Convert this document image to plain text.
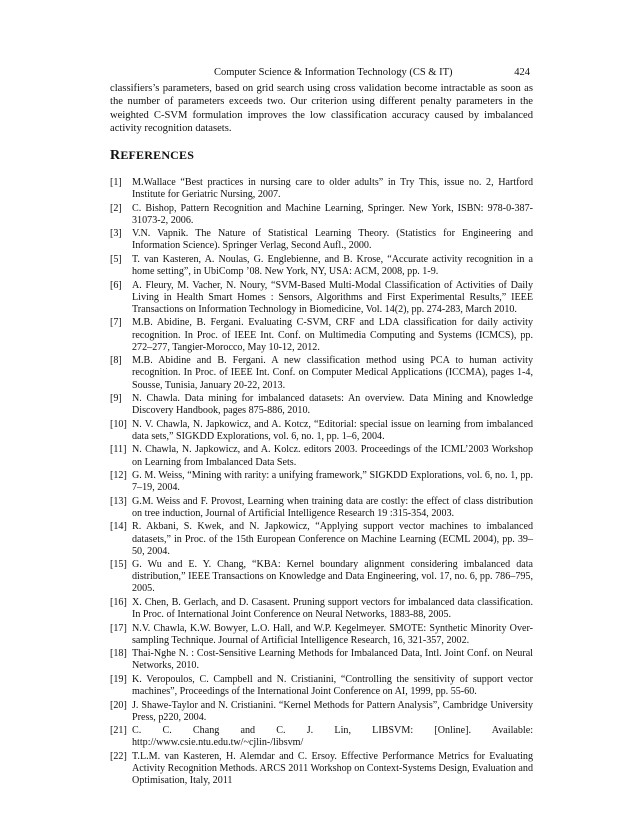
Computer Science & Information Technology (CS & IT)	424

classifiers’s parameters, based on grid search using cross validation become intractable as soon as the number of parameters exceeds two. Our criterion using different penalty parameters in the weighted C-SVM formulation improves the low classification accuracy caused by imbalanced activity recognition datasets.

REFERENCES
[1]	M.Wallace “Best practices in nursing care to older adults” in Try This, issue no. 2, Hartford Institute for Geriatric Nursing, 2007.
[2]	C. Bishop, Pattern Recognition and Machine Learning, Springer. New York, ISBN: 978-0-387-31073-2, 2006.
[3]	V.N. Vapnik. The Nature of Statistical Learning Theory. (Statistics for Engineering and Information Science). Springer Verlag, Second Aufl., 2000.
[5]	T. van Kasteren, A. Noulas, G. Englebienne, and B. Krose, “Accurate activity recognition in a home setting”, in UbiComp ’08. New York, NY, USA: ACM, 2008, pp. 1-9.
[6]	A. Fleury, M. Vacher, N. Noury, “SVM-Based Multi-Modal Classification of Activities of Daily Living in Health Smart Homes : Sensors, Algorithms and First Experimental Results,” IEEE Transactions on Information Technology in Biomedicine, Vol. 14(2), pp. 274-283, March 2010.
[7]	M.B. Abidine, B. Fergani. Evaluating C-SVM, CRF and LDA classification for daily activity recognition. In Proc. of IEEE Int. Conf. on Multimedia Computing and Systems (ICMCS), pp. 272–277, Tangier-Morocco, May 10-12, 2012.
[8]	M.B. Abidine and B. Fergani. A new classification method using PCA to human activity recognition. In Proc. of IEEE Int. Conf. on Computer Medical Applications (ICCMA), pages 1-4, Sousse, Tunisia, January 20-22, 2013.
[9]	N. Chawla. Data mining for imbalanced datasets: An overview. Data Mining and Knowledge Discovery Handbook, pages 875-886, 2010.
[10] N. V. Chawla, N. Japkowicz, and A. Kotcz, “Editorial: special issue on learning from imbalanced data sets,” SIGKDD Explorations, vol. 6, no. 1, pp. 1–6, 2004.
[11] N. Chawla, N. Japkowicz, and A. Kolcz. editors 2003. Proceedings of the ICML’2003 Workshop on Learning from Imbalanced Data Sets.
[12] G. M. Weiss, “Mining with rarity: a unifying framework,” SIGKDD Explorations, vol. 6, no. 1, pp. 7–19, 2004.
[13] G.M. Weiss and F. Provost, Learning when training data are costly: the effect of class distribution on tree induction, Journal of Artificial Intelligence Research 19 :315-354, 2003.
[14] R. Akbani, S. Kwek, and N. Japkowicz, “Applying support vector machines to imbalanced datasets,” in Proc. of the 15th European Conference on Machine Learning (ECML 2004), pp. 39–50, 2004.
[15] G. Wu and E. Y. Chang, “KBA: Kernel boundary alignment considering imbalanced data distribution,” IEEE Transactions on Knowledge and Data Engineering, vol. 17, no. 6, pp. 786–795, 2005.
[16] X. Chen, B. Gerlach, and D. Casasent. Pruning support vectors for imbalanced data classification. In Proc. of International Joint Conference on Neural Networks, 1883-88, 2005.
[17] N.V. Chawla, K.W. Bowyer, L.O. Hall, and W.P. Kegelmeyer. SMOTE: Synthetic Minority Over-sampling Technique. Journal of Artificial Intelligence Research, 16, 321-357, 2002.
[18] Thai-Nghe N. : Cost-Sensitive Learning Methods for Imbalanced Data, Intl. Joint Conf. on Neural Networks, 2010.
[19] K. Veropoulos, C. Campbell and N. Cristianini, “Controlling the sensitivity of support vector machines”, Proceedings of the International Joint Conference on AI, 1999, pp. 55-60.
[20] J. Shawe-Taylor and N. Cristianini. “Kernel Methods for Pattern Analysis”, Cambridge University Press, p220, 2004.
[21] C. C. Chang and C. J. Lin, LIBSVM: [Online]. Available: http://www.csie.ntu.edu.tw/~cjlin-/libsvm/
[22] T.L.M. van Kasteren, H. Alemdar and C. Ersoy. Effective Performance Metrics for Evaluating Activity Recognition Methods. ARCS 2011 Workshop on Context-Systems Design, Evaluation and Optimisation, Italy, 2011
